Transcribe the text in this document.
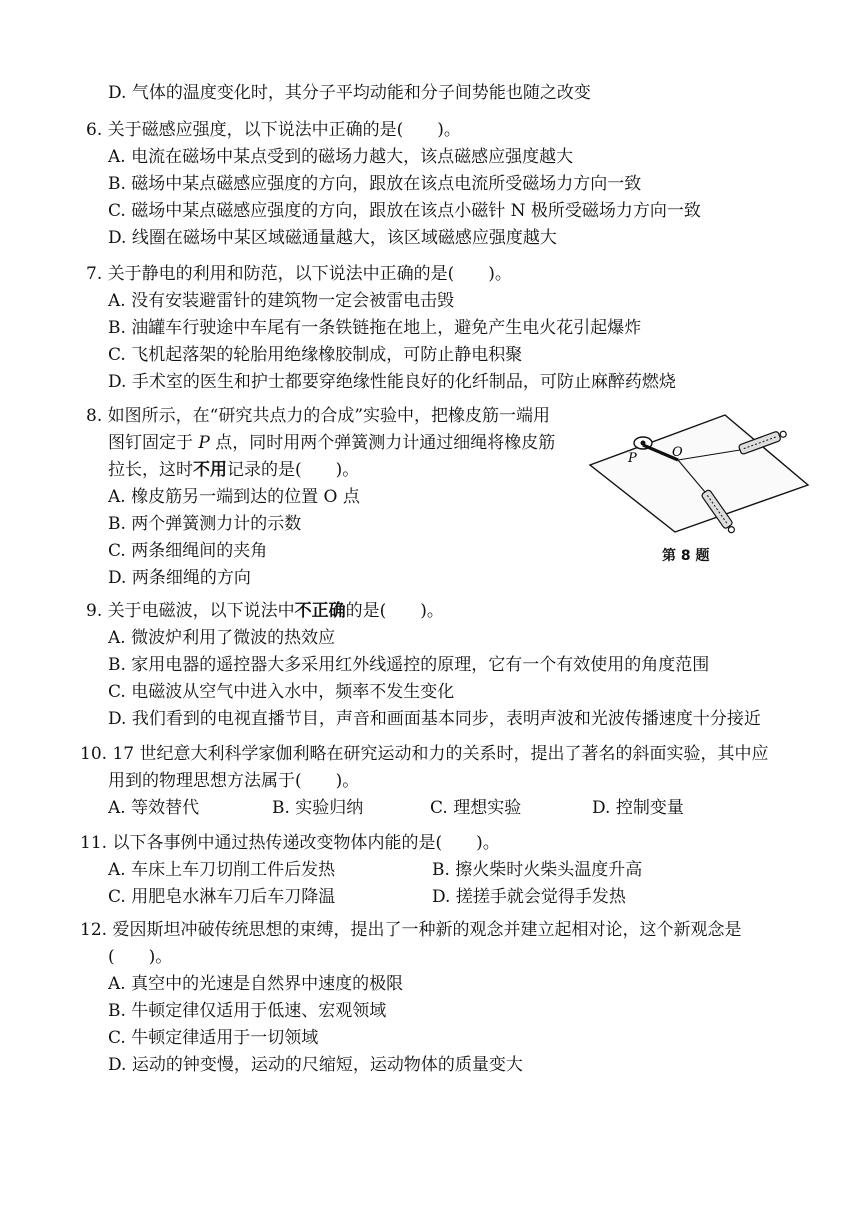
D. 气体的温度变化时，其分子平均动能和分子间势能也随之改变
6. 关于磁感应强度，以下说法中正确的是(　　)。
A. 电流在磁场中某点受到的磁场力越大，该点磁感应强度越大
B. 磁场中某点磁感应强度的方向，跟放在该点电流所受磁场力方向一致
C. 磁场中某点磁感应强度的方向，跟放在该点小磁针 N 极所受磁场力方向一致
D. 线圈在磁场中某区域磁通量越大，该区域磁感应强度越大
7. 关于静电的利用和防范，以下说法中正确的是(　　)。
A. 没有安装避雷针的建筑物一定会被雷电击毁
B. 油罐车行驶途中车尾有一条铁链拖在地上，避免产生电火花引起爆炸
C. 飞机起落架的轮胎用绝缘橡胶制成，可防止静电积聚
D. 手术室的医生和护士都要穿绝缘性能良好的化纤制品，可防止麻醉药燃烧
8. 如图所示，在“研究共点力的合成”实验中，把橡皮筋一端用
图钉固定于 P 点，同时用两个弹簧测力计通过细绳将橡皮筋
拉长，这时不用记录的是(　　)。
A. 橡皮筋另一端到达的位置 O 点
B. 两个弹簧测力计的示数
C. 两条细绳间的夹角
D. 两条细绳的方向
P	O
第 8 题
9. 关于电磁波，以下说法中不正确的是(　　)。
A. 微波炉利用了微波的热效应
B. 家用电器的遥控器大多采用红外线遥控的原理，它有一个有效使用的角度范围
C. 电磁波从空气中进入水中，频率不发生变化
D. 我们看到的电视直播节目，声音和画面基本同步，表明声波和光波传播速度十分接近
10. 17 世纪意大利科学家伽利略在研究运动和力的关系时，提出了著名的斜面实验，其中应
用到的物理思想方法属于(　　)。
A. 等效替代	B. 实验归纳	C. 理想实验	D. 控制变量
11. 以下各事例中通过热传递改变物体内能的是(　　)。
A. 车床上车刀切削工件后发热	B. 擦火柴时火柴头温度升高
C. 用肥皂水淋车刀后车刀降温	D. 搓搓手就会觉得手发热
12. 爱因斯坦冲破传统思想的束缚，提出了一种新的观念并建立起相对论，这个新观念是
(　　)。
A. 真空中的光速是自然界中速度的极限
B. 牛顿定律仅适用于低速、宏观领域
C. 牛顿定律适用于一切领域
D. 运动的钟变慢，运动的尺缩短，运动物体的质量变大
